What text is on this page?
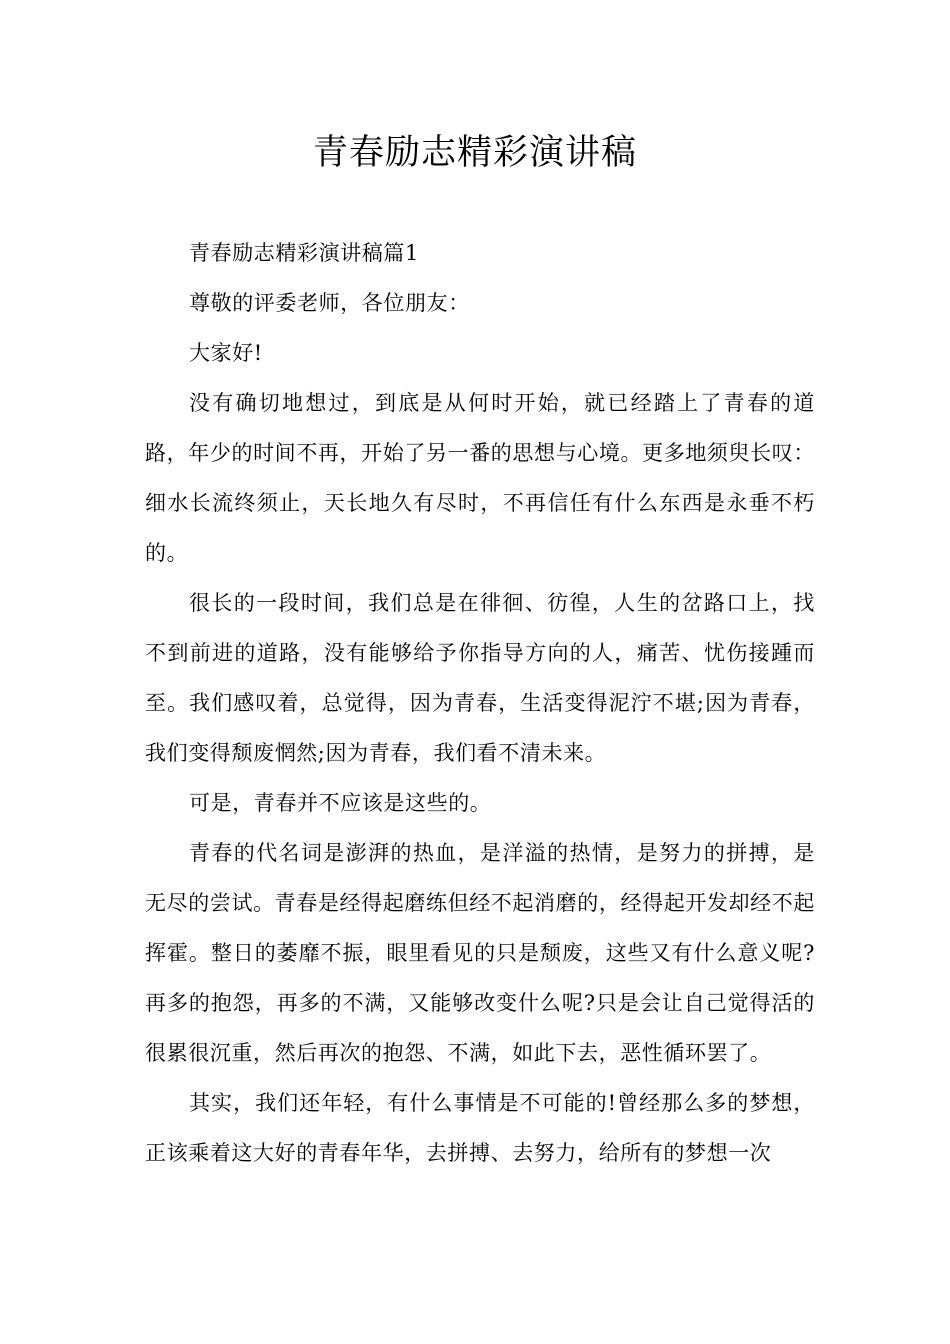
青春励志精彩演讲稿

青春励志精彩演讲稿篇1

尊敬的评委老师，各位朋友：

大家好!

没有确切地想过，到底是从何时开始，就已经踏上了青春的道路，年少的时间不再，开始了另一番的思想与心境。更多地须臾长叹：细水长流终须止，天长地久有尽时，不再信任有什么东西是永垂不朽的。

很长的一段时间，我们总是在徘徊、彷徨，人生的岔路口上，找不到前进的道路，没有能够给予你指导方向的人，痛苦、忧伤接踵而至。我们感叹着，总觉得，因为青春，生活变得泥泞不堪;因为青春，我们变得颓废惘然;因为青春，我们看不清未来。

可是，青春并不应该是这些的。

青春的代名词是澎湃的热血，是洋溢的热情，是努力的拼搏，是无尽的尝试。青春是经得起磨练但经不起消磨的，经得起开发却经不起挥霍。整日的萎靡不振，眼里看见的只是颓废，这些又有什么意义呢?再多的抱怨，再多的不满，又能够改变什么呢?只是会让自己觉得活的很累很沉重，然后再次的抱怨、不满，如此下去，恶性循环罢了。

其实，我们还年轻，有什么事情是不可能的!曾经那么多的梦想，正该乘着这大好的青春年华，去拼搏、去努力，给所有的梦想一次
